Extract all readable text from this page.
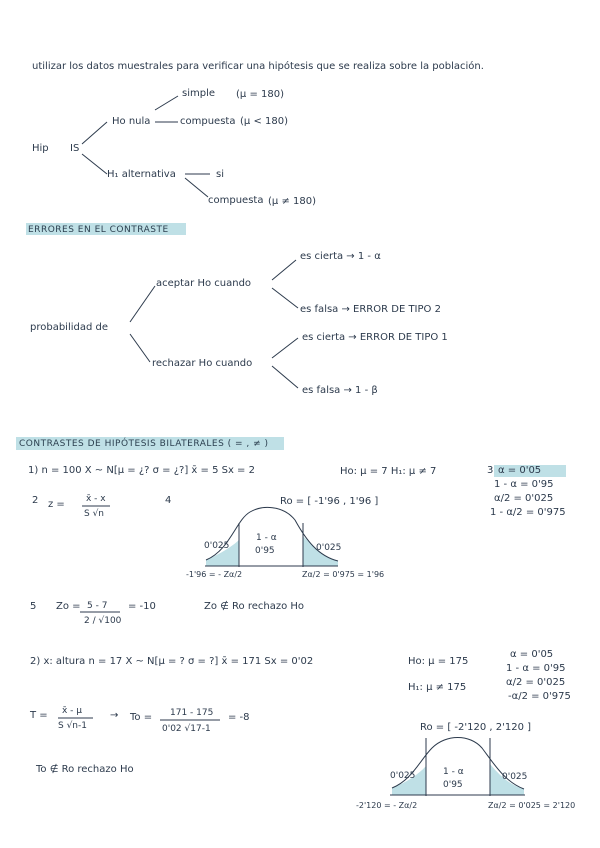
utilizar los datos muestrales para verificar una hipótesis que se realiza sobre la población.
Hip IS
Ho nula
simple (μ = 180)
compuesta (μ < 180)
H₁ alternativa	si
compuesta (μ ≠ 180)
ERRORES EN EL CONTRASTE
probabilidad de
aceptar Ho cuando
rechazar Ho cuando
es cierta → 1 - α
es falsa → ERROR DE TIPO 2
es cierta → ERROR DE TIPO 1
es falsa → 1 - β
CONTRASTES DE HIPÓTESIS BILATERALES ( = , ≠ )
1) n = 100 X ~ N[μ = ¿? σ = ¿?] x̄ = 5 Sx = 2	Ho: μ = 7 H₁: μ ≠ 7	3 α = 0'05
1 - α = 0'95
α/2 = 0'025
1 - α/2 = 0'975
2 z = x̄ - x
S √n
4	Ro = [ -1'96 , 1'96 ]
0'025	0'025
1 - α
0'95
-1'96 = - Zα/2	Zα/2 = 0'975 = 1'96
5 Zo = 5 - 7
2 / √100
= -10	Zo ∉ Ro rechazo Ho
2) x: altura n = 17 X ~ N[μ = ? σ = ?] x̄ = 171 Sx = 0'02	Ho: μ = 175
H₁: μ ≠ 175
α = 0'05
1 - α = 0'95
α/2 = 0'025
-α/2 = 0'975
T = x̄ - μ
S √n-1
→ To = 171 - 175
0'02 √17-1
= -8
Ro = [ -2'120 , 2'120 ]
To ∉ Ro rechazo Ho
0'025	0'025
1 - α
0'95
-2'120 = - Zα/2	Zα/2 = 0'025 = 2'120
